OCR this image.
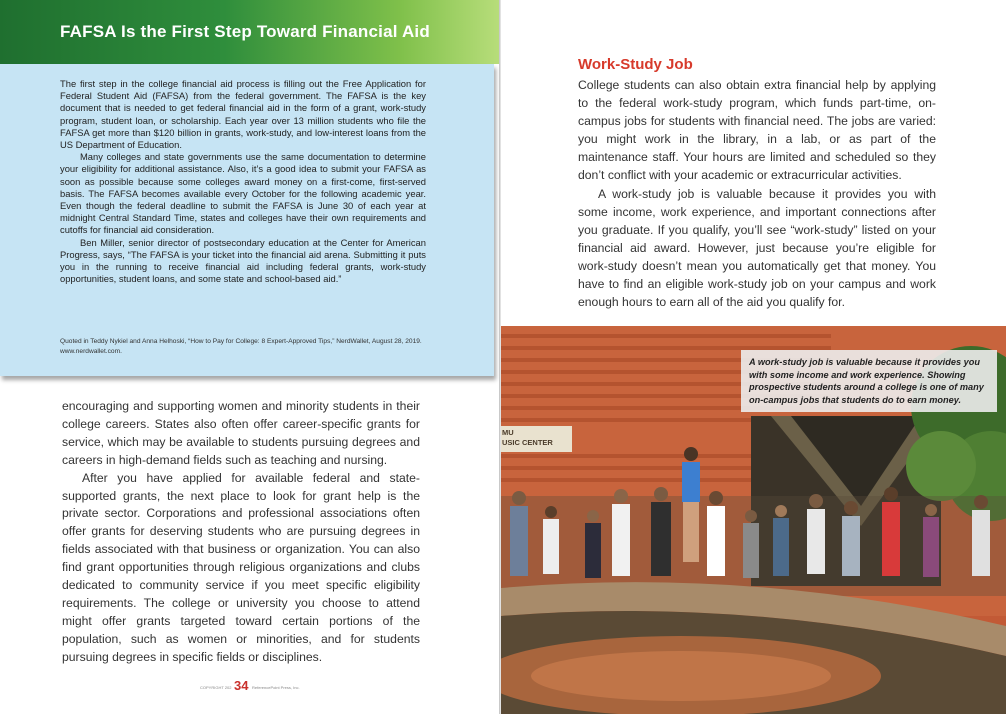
FAFSA Is the First Step Toward Financial Aid

The first step in the college financial aid process is filling out the Free Application for Federal Student Aid (FAFSA) from the federal government. The FAFSA is the key document that is needed to get federal financial aid in the form of a grant, work-study program, student loan, or scholarship. Each year over 13 million students who file the FAFSA get more than $120 billion in grants, work-study, and low-interest loans from the US Department of Education.

Many colleges and state governments use the same documentation to determine your eligibility for additional assistance. Also, it’s a good idea to submit your FAFSA as soon as possible because some colleges award money on a first-come, first-served basis. The FAFSA becomes available every October for the following academic year. Even though the federal deadline to submit the FAFSA is June 30 of each year at midnight Central Standard Time, states and colleges have their own requirements and cutoffs for financial aid consideration.

Ben Miller, senior director of postsecondary education at the Center for American Progress, says, “The FAFSA is your ticket into the financial aid arena. Submitting it puts you in the running to receive financial aid including federal grants, work-study opportunities, student loans, and some state and school-based aid.”

Quoted in Teddy Nykiel and Anna Helhoski, “How to Pay for College: 8 Expert-Approved Tips,” NerdWallet, August 28, 2019. www.nerdwallet.com.

encouraging and supporting women and minority students in their college careers. States also often offer career-specific grants for service, which may be available to students pursuing degrees and careers in high-demand fields such as teaching and nursing.

After you have applied for available federal and state-supported grants, the next place to look for grant help is the private sector. Corporations and professional associations often offer grants for deserving students who are pursuing degrees in fields associated with that business or organization. You can also find grant opportunities through religious organizations and clubs dedicated to community service if you meet specific eligibility requirements. The college or university you choose to attend might offer grants targeted toward certain portions of the population, such as women or minorities, and for students pursuing degrees in specific fields or disciplines.

COPYRIGHT 202 34 ReferencePoint Press, Inc.
Work-Study Job

College students can also obtain extra financial help by applying to the federal work-study program, which funds part-time, on-campus jobs for students with financial need. The jobs are varied: you might work in the library, in a lab, or as part of the maintenance staff. Your hours are limited and scheduled so they don’t conflict with your academic or extracurricular activities.

A work-study job is valuable because it provides you with some income, work experience, and important connections after you graduate. If you qualify, you’ll see “work-study” listed on your financial aid award. However, just because you’re eligible for work-study doesn’t mean you automatically get that money. You have to find an eligible work-study job on your campus and work enough hours to earn all of the aid you qualify for.

MU
USIC CENTER
A work-study job is valuable because it provides you with some income and work experience. Showing prospective students around a college is one of many on-campus jobs that students do to earn money.
